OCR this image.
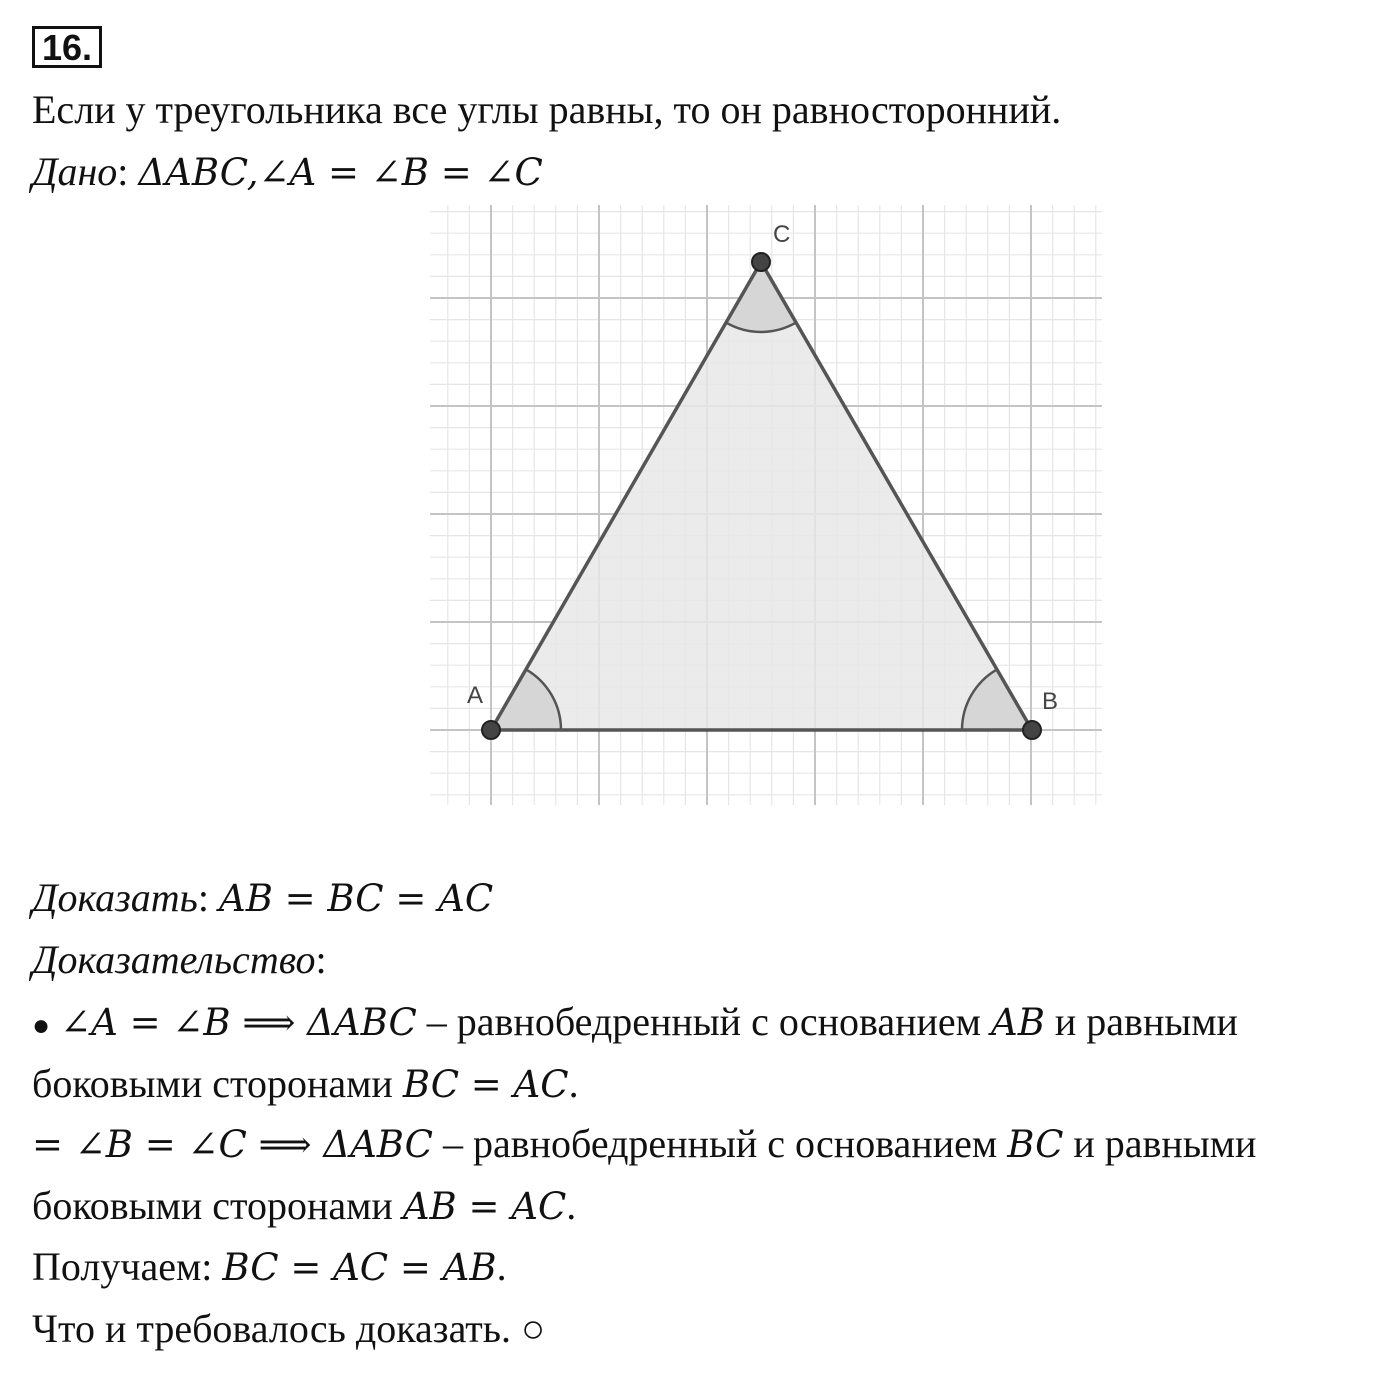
16.
Если у треугольника все углы равны, то он равносторонний.
Дано: ΔABC,∠A = ∠B = ∠C
A	B
C
Доказать: AB = BC = AC
Доказательство:
● ∠A = ∠B ⟹ ΔABC – равнобедренный с основанием AB и равными
боковыми сторонами BC = AC.
= ∠B = ∠C ⟹ ΔABC – равнобедренный с основанием BC и равными
боковыми сторонами AB = AC.
Получаем: BC = AC = AB.
Что и требовалось доказать. ○
